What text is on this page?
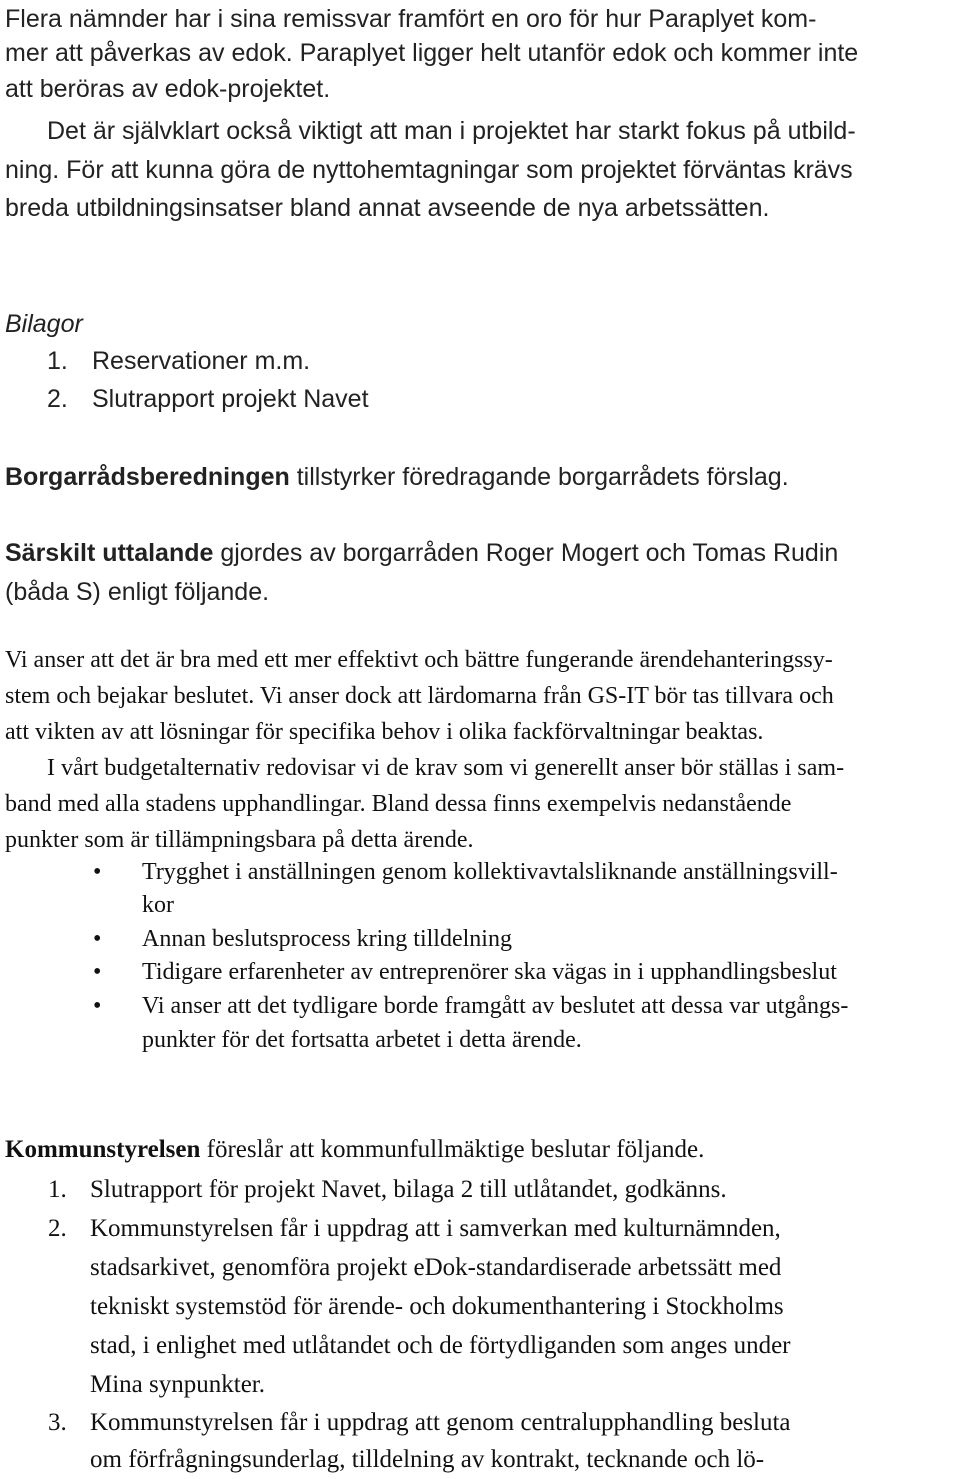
Flera nämnder har i sina remissvar framfört en oro för hur Paraplyet kom-
mer att påverkas av edok. Paraplyet ligger helt utanför edok och kommer inte
att beröras av edok-projektet.
Det är självklart också viktigt att man i projektet har starkt fokus på utbild-
ning. För att kunna göra de nyttohemtagningar som projektet förväntas krävs
breda utbildningsinsatser bland annat avseende de nya arbetssätten.
Bilagor
1. Reservationer m.m.
2. Slutrapport projekt Navet
Borgarrådsberedningen tillstyrker föredragande borgarrådets förslag.
Särskilt uttalande gjordes av borgarråden Roger Mogert och Tomas Rudin
(båda S) enligt följande.
Vi anser att det är bra med ett mer effektivt och bättre fungerande ärendehanteringssy-
stem och bejakar beslutet. Vi anser dock att lärdomarna från GS-IT bör tas tillvara och
att vikten av att lösningar för specifika behov i olika fackförvaltningar beaktas.
I vårt budgetalternativ redovisar vi de krav som vi generellt anser bör ställas i sam-
band med alla stadens upphandlingar. Bland dessa finns exempelvis nedanstående
punkter som är tillämpningsbara på detta ärende.
• Trygghet i anställningen genom kollektivavtalsliknande anställningsvill-
kor
• Annan beslutsprocess kring tilldelning
• Tidigare erfarenheter av entreprenörer ska vägas in i upphandlingsbeslut
• Vi anser att det tydligare borde framgått av beslutet att dessa var utgångs-
punkter för det fortsatta arbetet i detta ärende.
Kommunstyrelsen föreslår att kommunfullmäktige beslutar följande.
1. Slutrapport för projekt Navet, bilaga 2 till utlåtandet, godkänns.
2. Kommunstyrelsen får i uppdrag att i samverkan med kulturnämnden,
stadsarkivet, genomföra projekt eDok-standardiserade arbetssätt med
tekniskt systemstöd för ärende- och dokumenthantering i Stockholms
stad, i enlighet med utlåtandet och de förtydliganden som anges under
Mina synpunkter.
3. Kommunstyrelsen får i uppdrag att genom centralupphandling besluta
om förfrågningsunderlag, tilldelning av kontrakt, tecknande och lö-
